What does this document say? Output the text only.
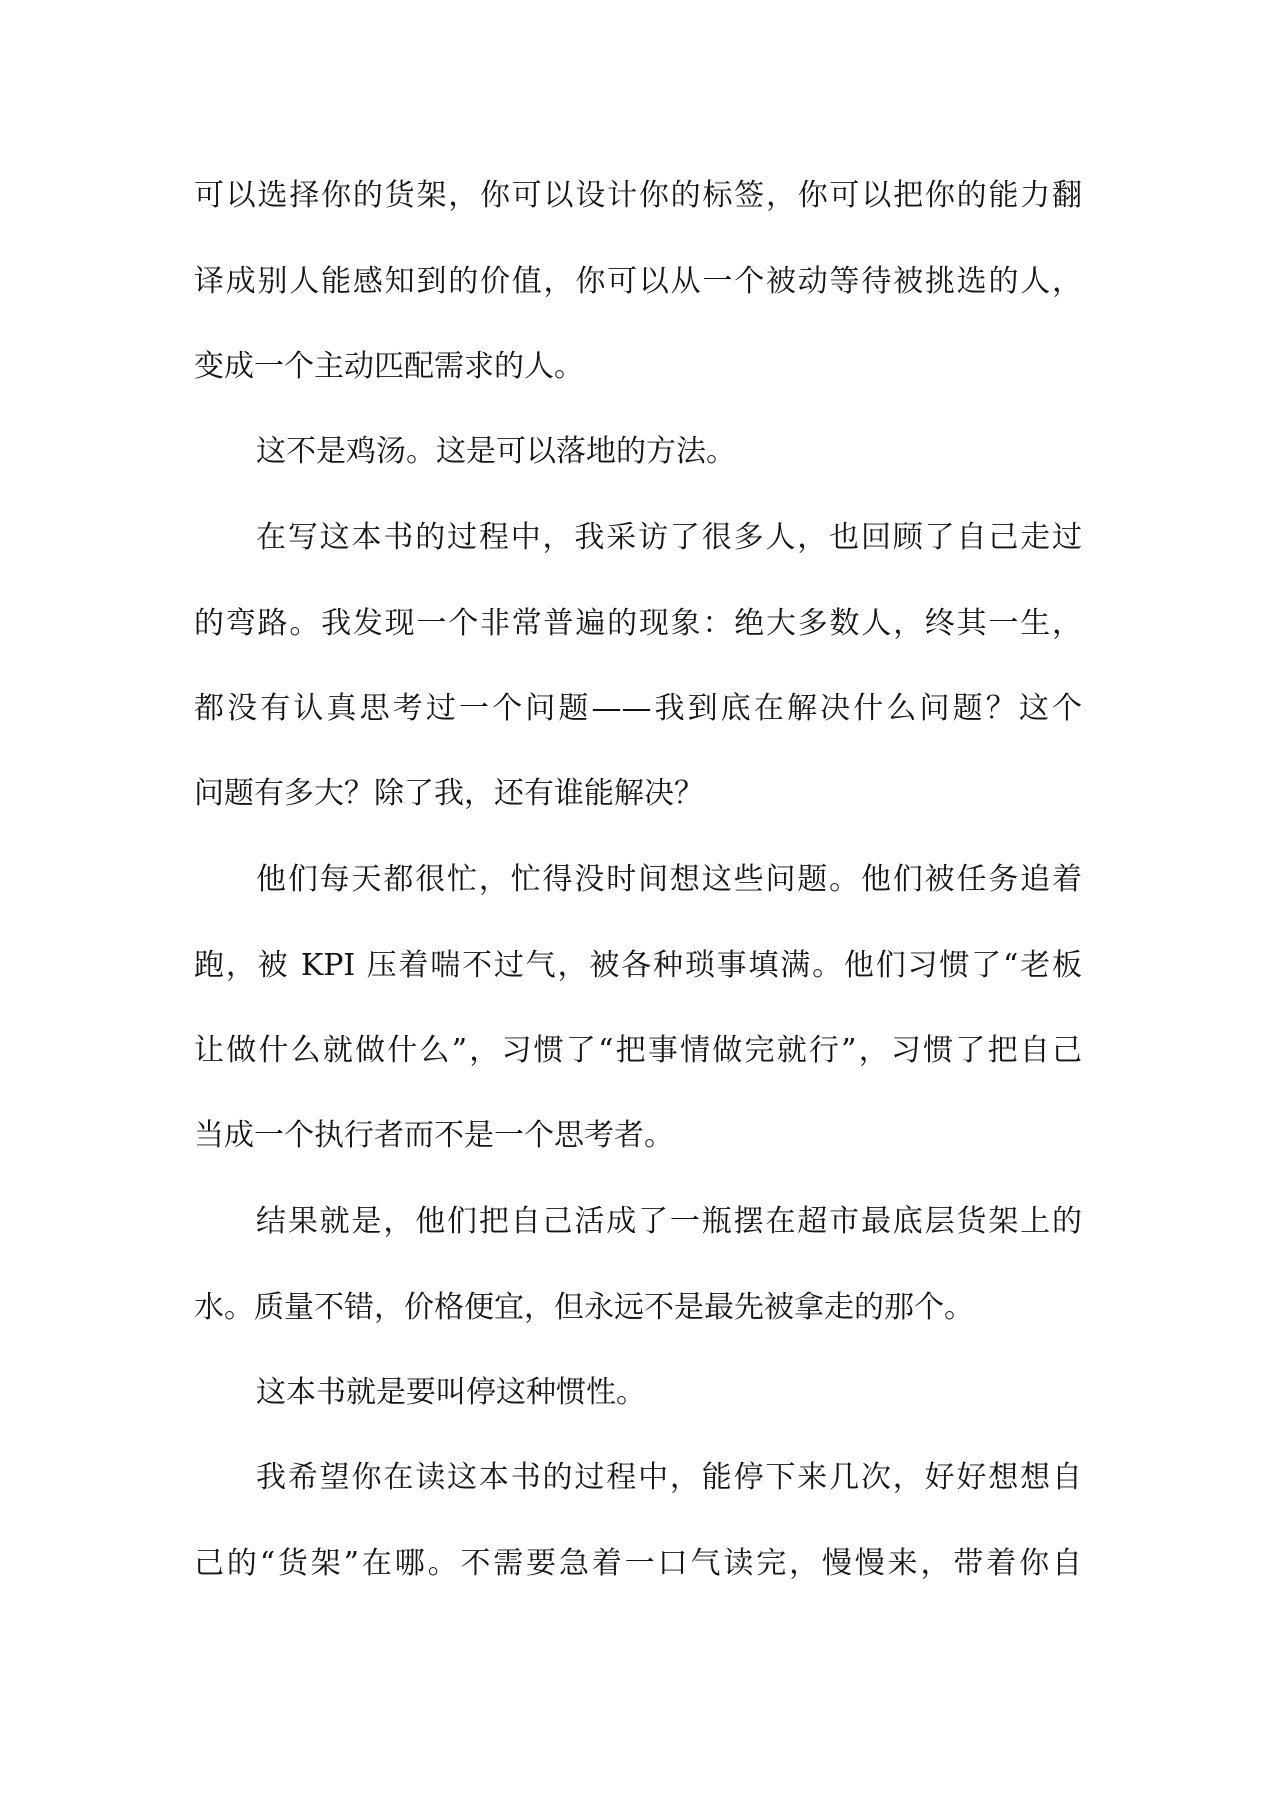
可以选择你的货架，你可以设计你的标签，你可以把你的能力翻
译成别人能感知到的价值，你可以从一个被动等待被挑选的人，
变成一个主动匹配需求的人。
这不是鸡汤。这是可以落地的方法。
在写这本书的过程中，我采访了很多人，也回顾了自己走过
的弯路。我发现一个非常普遍的现象：绝大多数人，终其一生，
都没有认真思考过一个问题——我到底在解决什么问题？这个
问题有多大？除了我，还有谁能解决？
他们每天都很忙，忙得没时间想这些问题。他们被任务追着
跑，被 KPI 压着喘不过气，被各种琐事填满。他们习惯了“老板
让做什么就做什么”，习惯了“把事情做完就行”，习惯了把自己
当成一个执行者而不是一个思考者。
结果就是，他们把自己活成了一瓶摆在超市最底层货架上的
水。质量不错，价格便宜，但永远不是最先被拿走的那个。
这本书就是要叫停这种惯性。
我希望你在读这本书的过程中，能停下来几次，好好想想自
己的“货架”在哪。不需要急着一口气读完，慢慢来，带着你自
